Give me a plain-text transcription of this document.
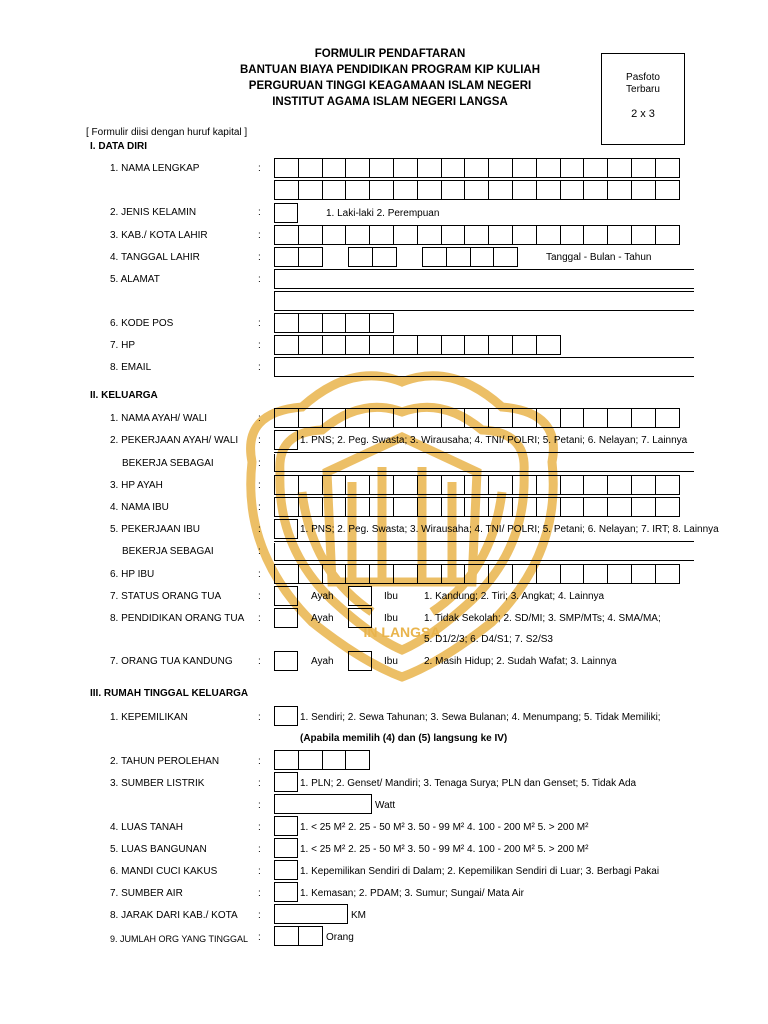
IN LANGSA
FORMULIR PENDAFTARAN
BANTUAN BIAYA PENDIDIKAN PROGRAM KIP KULIAH
PERGURUAN TINGGI KEAGAMAAN ISLAM NEGERI
INSTITUT AGAMA ISLAM NEGERI LANGSA
Pasfoto
Terbaru
2 x 3
[ Formulir diisi dengan huruf kapital ]
I. DATA DIRI
1. NAMA LENGKAP	:
2. JENIS KELAMIN	:	1. Laki-laki 2. Perempuan
3. KAB./ KOTA LAHIR	:
4. TANGGAL LAHIR	:	Tanggal - Bulan - Tahun
5. ALAMAT	:
6. KODE POS	:
7. HP	:
8. EMAIL	:
II. KELUARGA
1. NAMA AYAH/ WALI	:
2. PEKERJAAN AYAH/ WALI :	1. PNS; 2. Peg. Swasta; 3. Wirausaha; 4. TNI/ POLRI; 5. Petani; 6. Nelayan; 7. Lainnya
BEKERJA SEBAGAI	:
3. HP AYAH	:
4. NAMA IBU	:
5. PEKERJAAN IBU	:	1. PNS; 2. Peg. Swasta; 3. Wirausaha; 4. TNI/ POLRI; 5. Petani; 6. Nelayan; 7. IRT; 8. Lainnya
BEKERJA SEBAGAI	:
6. HP IBU	:
7. STATUS ORANG TUA	:	Ayah	Ibu	1. Kandung; 2. Tiri; 3. Angkat; 4. Lainnya
8. PENDIDIKAN ORANG TUA :	Ayah	Ibu	1. Tidak Sekolah; 2. SD/MI; 3. SMP/MTs; 4. SMA/MA;
5. D1/2/3; 6. D4/S1; 7. S2/S3
7. ORANG TUA KANDUNG	:	Ayah	Ibu	2. Masih Hidup; 2. Sudah Wafat; 3. Lainnya
III. RUMAH TINGGAL KELUARGA
1. KEPEMILIKAN	:	1. Sendiri; 2. Sewa Tahunan; 3. Sewa Bulanan; 4. Menumpang; 5. Tidak Memiliki;
(Apabila memilih (4) dan (5) langsung ke IV)
2. TAHUN PEROLEHAN	:
3. SUMBER LISTRIK	:	1. PLN; 2. Genset/ Mandiri; 3. Tenaga Surya; PLN dan Genset; 5. Tidak Ada
:	Watt
4. LUAS TANAH	:	1. < 25 M² 2. 25 - 50 M² 3. 50 - 99 M² 4. 100 - 200 M² 5. > 200 M²
5. LUAS BANGUNAN	:	1. < 25 M² 2. 25 - 50 M² 3. 50 - 99 M² 4. 100 - 200 M² 5. > 200 M²
6. MANDI CUCI KAKUS	:	1. Kepemilikan Sendiri di Dalam; 2. Kepemilikan Sendiri di Luar; 3. Berbagi Pakai
7. SUMBER AIR	:	1. Kemasan; 2. PDAM; 3. Sumur; Sungai/ Mata Air
8. JARAK DARI KAB./ KOTA :	KM
9. JUMLAH ORG YANG TINGGAL :	Orang
